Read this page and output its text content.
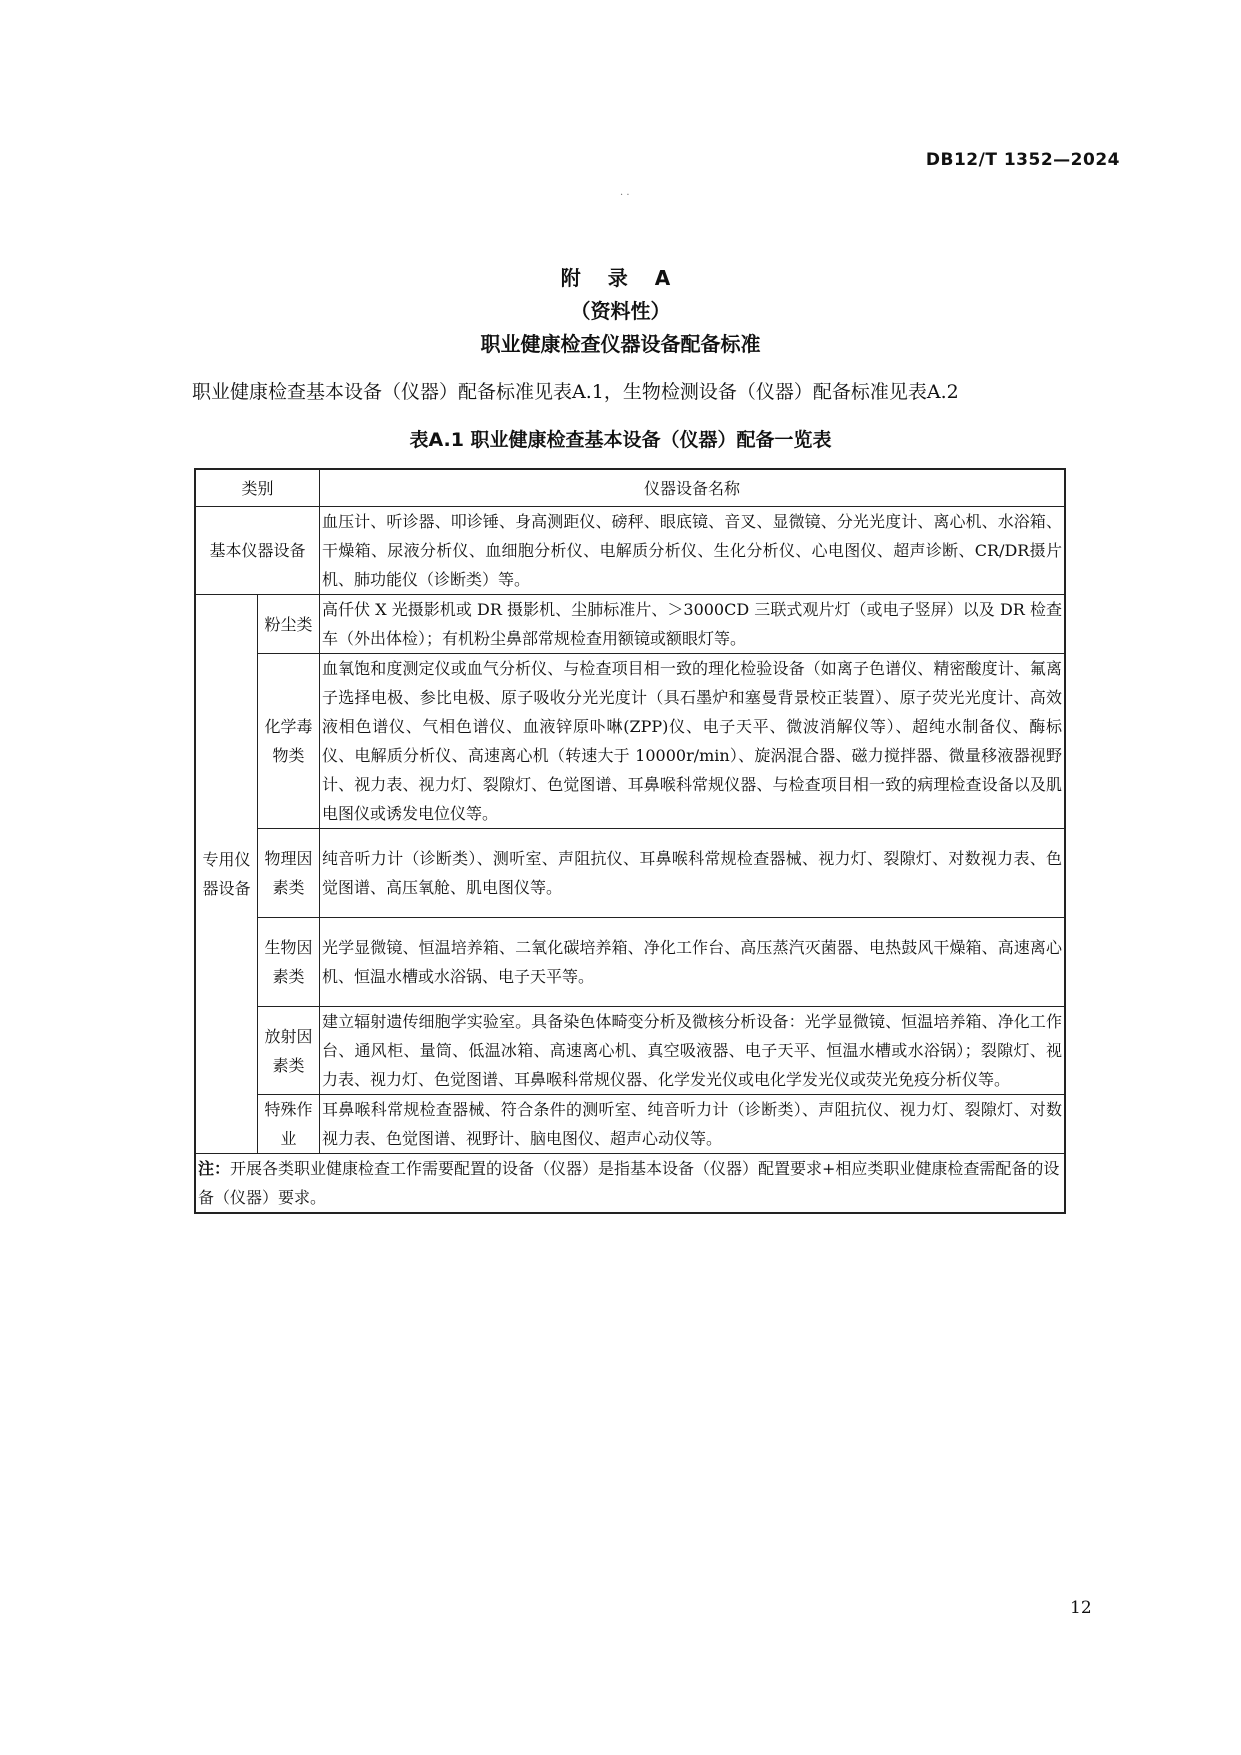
DB12/T 1352—2024
· ·
附 录 A
（资料性）
职业健康检查仪器设备配备标准
职业健康检查基本设备（仪器）配备标准见表A.1，生物检测设备（仪器）配备标准见表A.2
表A.1 职业健康检查基本设备（仪器）配备一览表
类别		仪器设备名称
基本仪器设备		血压计、听诊器、叩诊锤、身高测距仪、磅秤、眼底镜、音叉、显微镜、分光光度计、离心机、水浴箱、干燥箱、尿液分析仪、血细胞分析仪、电解质分析仪、生化分析仪、心电图仪、超声诊断、CR/DR摄片机、肺功能仪（诊断类）等。
专用仪器设备	粉尘类	高仟伏 X 光摄影机或 DR 摄影机、尘肺标准片、＞3000CD 三联式观片灯（或电子竖屏）以及 DR 检查车（外出体检）；有机粉尘鼻部常规检查用额镜或额眼灯等。
	化学毒物类	血氧饱和度测定仪或血气分析仪、与检查项目相一致的理化检验设备（如离子色谱仪、精密酸度计、氟离子选择电极、参比电极、原子吸收分光光度计（具石墨炉和塞曼背景校正装置）、原子荧光光度计、高效液相色谱仪、气相色谱仪、血液锌原卟啉(ZPP)仪、电子天平、微波消解仪等）、超纯水制备仪、酶标仪、电解质分析仪、高速离心机（转速大于 10000r/min）、旋涡混合器、磁力搅拌器、微量移液器视野计、视力表、视力灯、裂隙灯、色觉图谱、耳鼻喉科常规仪器、与检查项目相一致的病理检查设备以及肌电图仪或诱发电位仪等。
	物理因素类	纯音听力计（诊断类）、测听室、声阻抗仪、耳鼻喉科常规检查器械、视力灯、裂隙灯、对数视力表、色觉图谱、高压氧舱、肌电图仪等。
	生物因素类	光学显微镜、恒温培养箱、二氧化碳培养箱、净化工作台、高压蒸汽灭菌器、电热鼓风干燥箱、高速离心机、恒温水槽或水浴锅、电子天平等。
	放射因素类	建立辐射遗传细胞学实验室。具备染色体畸变分析及微核分析设备：光学显微镜、恒温培养箱、净化工作台、通风柜、量筒、低温冰箱、高速离心机、真空吸液器、电子天平、恒温水槽或水浴锅）；裂隙灯、视力表、视力灯、色觉图谱、耳鼻喉科常规仪器、化学发光仪或电化学发光仪或荧光免疫分析仪等。
	特殊作业	耳鼻喉科常规检查器械、符合条件的测听室、纯音听力计（诊断类）、声阻抗仪、视力灯、裂隙灯、对数视力表、色觉图谱、视野计、脑电图仪、超声心动仪等。
注：开展各类职业健康检查工作需要配置的设备（仪器）是指基本设备（仪器）配置要求+相应类职业健康检查需配备的设备（仪器）要求。		
12
